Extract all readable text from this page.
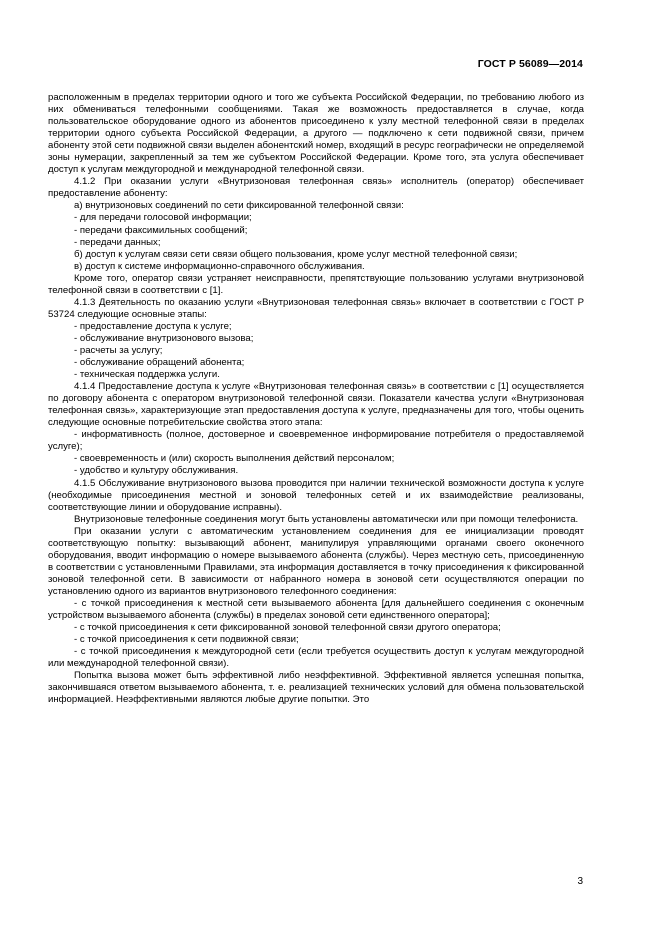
ГОСТ Р 56089—2014

расположенным в пределах территории одного и того же субъекта Российской Федерации, по требованию любого из них обмениваться телефонными сообщениями. Такая же возможность предоставляется в случае, когда пользовательское оборудование одного из абонентов присоединено к узлу местной телефонной связи в пределах территории одного субъекта Российской Федерации, а другого — подключено к сети подвижной связи, причем абоненту этой сети подвижной связи выделен абонентский номер, входящий в ресурс географически не определяемой зоны нумерации, закрепленный за тем же субъектом Российской Федерации. Кроме того, эта услуга обеспечивает доступ к услугам междугородной и международной телефонной связи.

4.1.2 При оказании услуги «Внутризоновая телефонная связь» исполнитель (оператор) обеспечивает предоставление абоненту:

а) внутризоновых соединений по сети фиксированной телефонной связи:

- для передачи голосовой информации;

- передачи факсимильных сообщений;

- передачи данных;

б) доступ к услугам связи сети связи общего пользования, кроме услуг местной телефонной связи;

в) доступ к системе информационно-справочного обслуживания.

Кроме того, оператор связи устраняет неисправности, препятствующие пользованию услугами внутризоновой телефонной связи в соответствии с [1].

4.1.3 Деятельность по оказанию услуги «Внутризоновая телефонная связь» включает в соответствии с ГОСТ Р 53724 следующие основные этапы:

- предоставление доступа к услуге;

- обслуживание внутризонового вызова;

- расчеты за услугу;

- обслуживание обращений абонента;

- техническая поддержка услуги.

4.1.4 Предоставление доступа к услуге «Внутризоновая телефонная связь» в соответствии с [1] осуществляется по договору абонента с оператором внутризоновой телефонной связи. Показатели качества услуги «Внутризоновая телефонная связь», характеризующие этап предоставления доступа к услуге, предназначены для того, чтобы оценить следующие основные потребительские свойства этого этапа:

- информативность (полное, достоверное и своевременное информирование потребителя о предоставляемой услуге);

- своевременность и (или) скорость выполнения действий персоналом;

- удобство и культуру обслуживания.

4.1.5 Обслуживание внутризонового вызова проводится при наличии технической возможности доступа к услуге (необходимые присоединения местной и зоновой телефонных сетей и их взаимодействие реализованы, соответствующие линии и оборудование исправны).

Внутризоновые телефонные соединения могут быть установлены автоматически или при помощи телефониста.

При оказании услуги с автоматическим установлением соединения для ее инициализации проводят соответствующую попытку: вызывающий абонент, манипулируя управляющими органами своего оконечного оборудования, вводит информацию о номере вызываемого абонента (службы). Через местную сеть, присоединенную в соответствии с установленными Правилами, эта информация доставляется в точку присоединения к фиксированной зоновой телефонной сети. В зависимости от набранного номера в зоновой сети осуществляются операции по установлению одного из вариантов внутризонового телефонного соединения:

- с точкой присоединения к местной сети вызываемого абонента [для дальнейшего соединения с оконечным устройством вызываемого абонента (службы) в пределах зоновой сети единственного оператора];

- с точкой присоединения к сети фиксированной зоновой телефонной связи другого оператора;

- с точкой присоединения к сети подвижной связи;

- с точкой присоединения к междугородной сети (если требуется осуществить доступ к услугам междугородной или международной телефонной связи).

Попытка вызова может быть эффективной либо неэффективной. Эффективной является успешная попытка, закончившаяся ответом вызываемого абонента, т. е. реализацией технических условий для обмена пользовательской информацией. Неэффективными являются любые другие попытки. Это

3
